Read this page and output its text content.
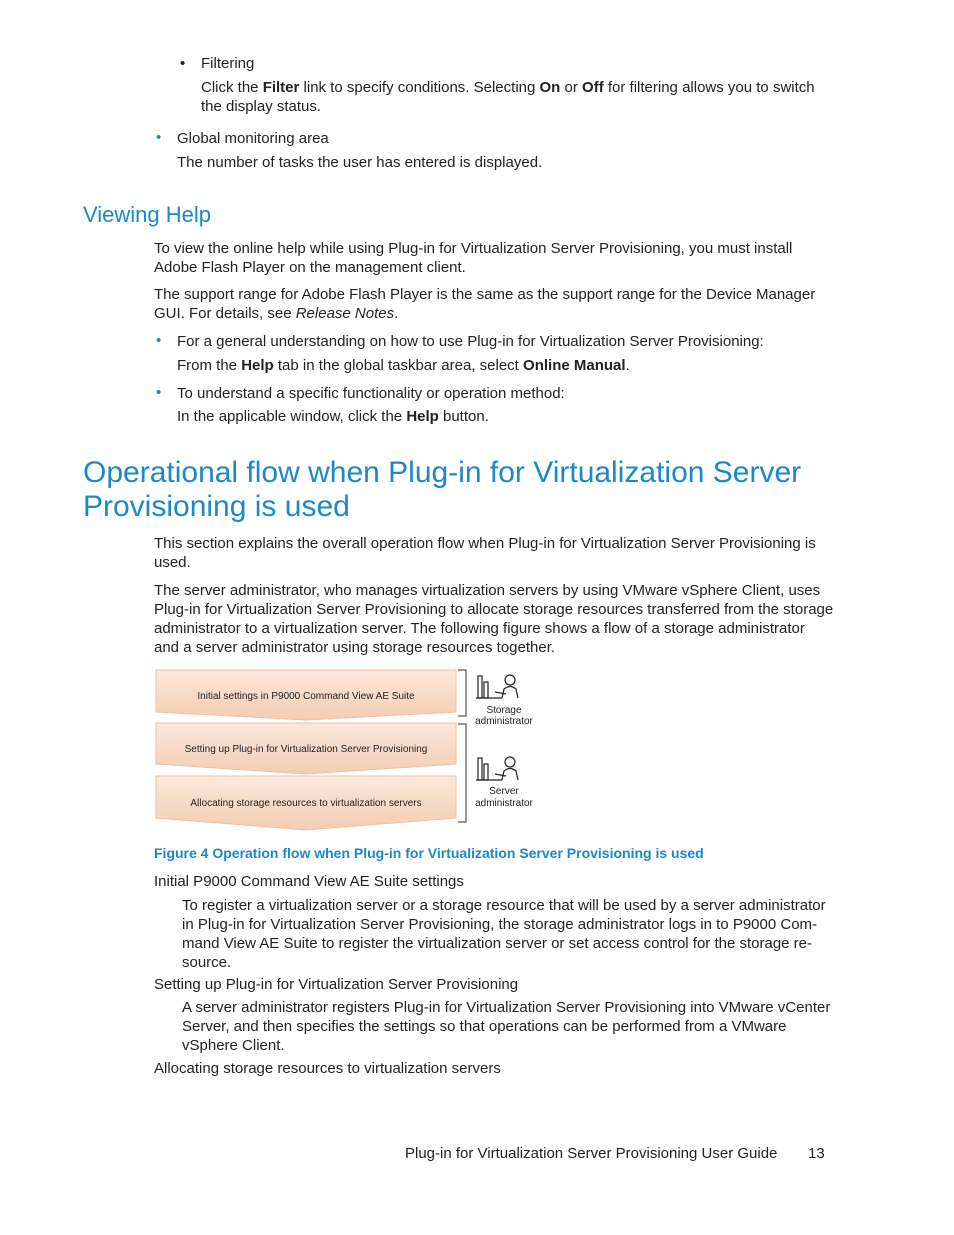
• Filtering

Click the Filter link to specify conditions. Selecting On or Off for filtering allows you to switch the display status.

• Global monitoring area

The number of tasks the user has entered is displayed.

Viewing Help

To view the online help while using Plug-in for Virtualization Server Provisioning, you must install Adobe Flash Player on the management client.

The support range for Adobe Flash Player is the same as the support range for the Device Manager GUI. For details, see Release Notes.

• For a general understanding on how to use Plug-in for Virtualization Server Provisioning:

From the Help tab in the global taskbar area, select Online Manual.

• To understand a specific functionality or operation method:

In the applicable window, click the Help button.

Operational flow when Plug-in for Virtualization Server
Provisioning is used

This section explains the overall operation flow when Plug-in for Virtualization Server Provisioning is used.

The server administrator, who manages virtualization servers by using VMware vSphere Client, uses Plug-in for Virtualization Server Provisioning to allocate storage resources transferred from the storage administrator to a virtualization server. The following figure shows a flow of a storage administrator and a server administrator using storage resources together.

Initial settings in P9000 Command View AE Suite
Setting up Plug-in for Virtualization Server Provisioning
Allocating storage resources to virtualization servers
Storage
administrator
Server
administrator

Figure 4 Operation flow when Plug-in for Virtualization Server Provisioning is used

Initial P9000 Command View AE Suite settings

To register a virtualization server or a storage resource that will be used by a server administrator in Plug-in for Virtualization Server Provisioning, the storage administrator logs in to P9000 Com-mand View AE Suite to register the virtualization server or set access control for the storage re-source.

Setting up Plug-in for Virtualization Server Provisioning

A server administrator registers Plug-in for Virtualization Server Provisioning into VMware vCenter Server, and then specifies the settings so that operations can be performed from a VMware vSphere Client.

Allocating storage resources to virtualization servers

Plug-in for Virtualization Server Provisioning User Guide 13
